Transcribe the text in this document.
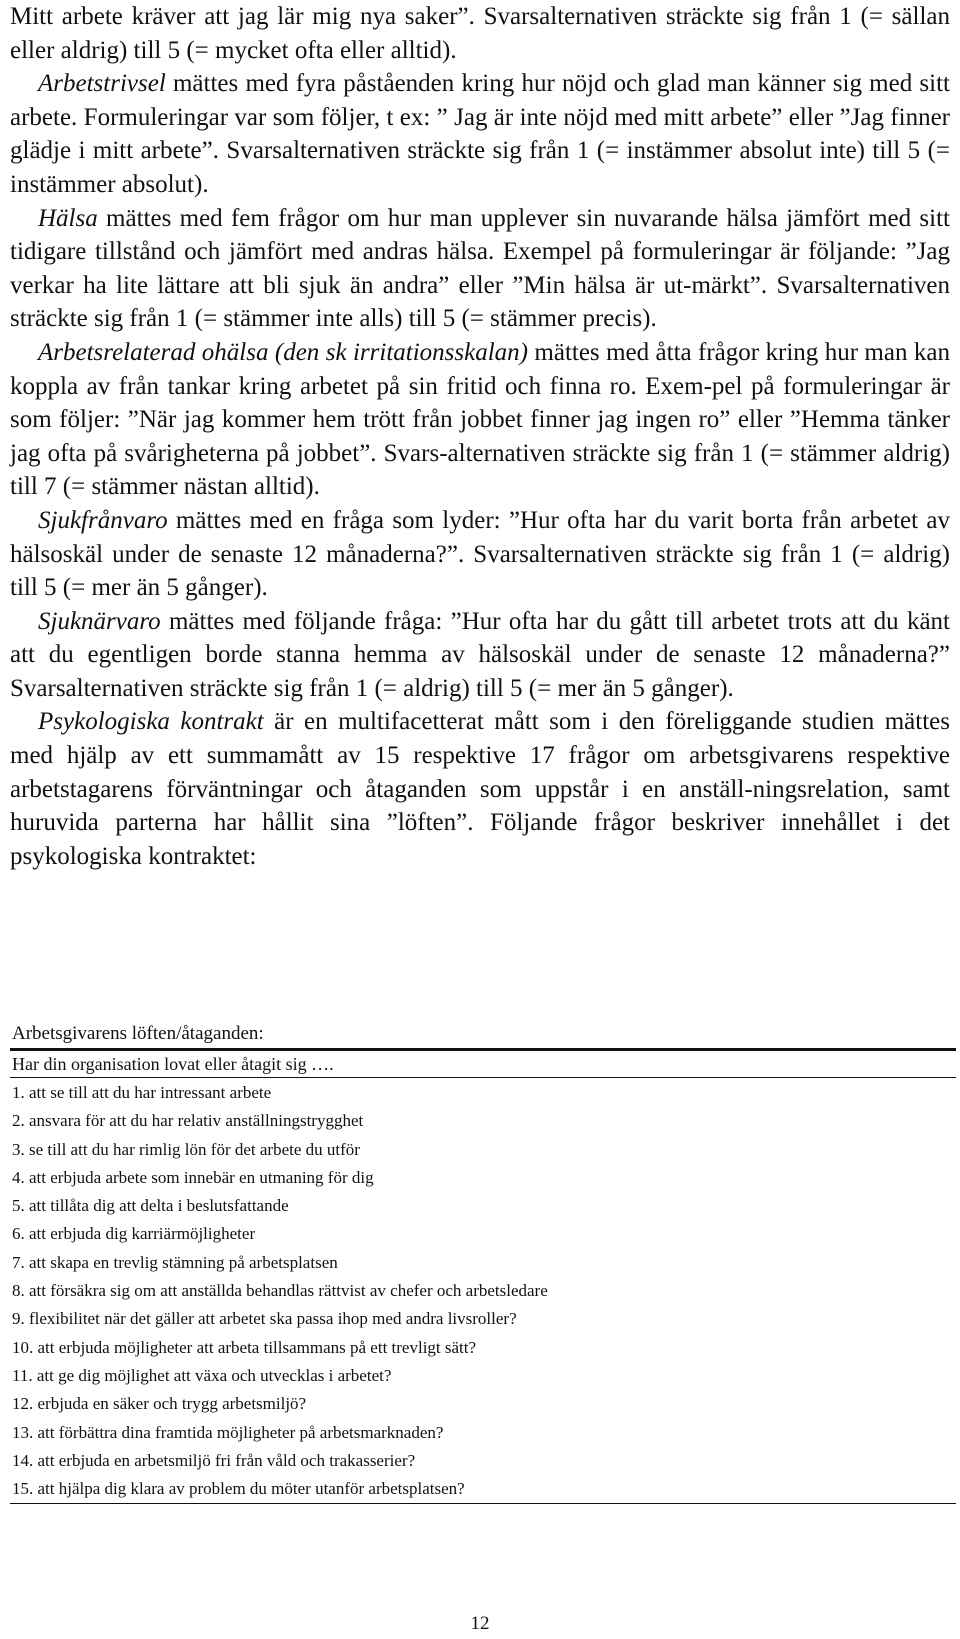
Mitt arbete kräver att jag lär mig nya saker”. Svarsalternativen sträckte sig från 1 (= sällan eller aldrig) till 5 (= mycket ofta eller alltid).

Arbetstrivsel mättes med fyra påståenden kring hur nöjd och glad man känner sig med sitt arbete. Formuleringar var som följer, t ex: ” Jag är inte nöjd med mitt arbete” eller ”Jag finner glädje i mitt arbete”. Svarsalternativen sträckte sig från 1 (= instämmer absolut inte) till 5 (= instämmer absolut).

Hälsa mättes med fem frågor om hur man upplever sin nuvarande hälsa jämfört med sitt tidigare tillstånd och jämfört med andras hälsa. Exempel på formuleringar är följande: ”Jag verkar ha lite lättare att bli sjuk än andra” eller ”Min hälsa är ut-märkt”. Svarsalternativen sträckte sig från 1 (= stämmer inte alls) till 5 (= stämmer precis).

Arbetsrelaterad ohälsa (den sk irritationsskalan) mättes med åtta frågor kring hur man kan koppla av från tankar kring arbetet på sin fritid och finna ro. Exem-pel på formuleringar är som följer: ”När jag kommer hem trött från jobbet finner jag ingen ro” eller ”Hemma tänker jag ofta på svårigheterna på jobbet”. Svars-alternativen sträckte sig från 1 (= stämmer aldrig) till 7 (= stämmer nästan alltid).

Sjukfrånvaro mättes med en fråga som lyder: ”Hur ofta har du varit borta från arbetet av hälsoskäl under de senaste 12 månaderna?”. Svarsalternativen sträckte sig från 1 (= aldrig) till 5 (= mer än 5 gånger).

Sjuknärvaro mättes med följande fråga: ”Hur ofta har du gått till arbetet trots att du känt att du egentligen borde stanna hemma av hälsoskäl under de senaste 12 månaderna?” Svarsalternativen sträckte sig från 1 (= aldrig) till 5 (= mer än 5 gånger).

Psykologiska kontrakt är en multifacetterat mått som i den föreliggande studien mättes med hjälp av ett summamått av 15 respektive 17 frågor om arbetsgivarens respektive arbetstagarens förväntningar och åtaganden som uppstår i en anställ-ningsrelation, samt huruvida parterna har hållit sina ”löften”. Följande frågor beskriver innehållet i det psykologiska kontraktet:

Arbetsgivarens löften/åtaganden:
Har din organisation lovat eller åtagit sig ….
1. att se till att du har intressant arbete
2. ansvara för att du har relativ anställningstrygghet
3. se till att du har rimlig lön för det arbete du utför
4. att erbjuda arbete som innebär en utmaning för dig
5. att tillåta dig att delta i beslutsfattande
6. att erbjuda dig karriärmöjligheter
7. att skapa en trevlig stämning på arbetsplatsen
8. att försäkra sig om att anställda behandlas rättvist av chefer och arbetsledare
9. flexibilitet när det gäller att arbetet ska passa ihop med andra livsroller?
10. att erbjuda möjligheter att arbeta tillsammans på ett trevligt sätt?
11. att ge dig möjlighet att växa och utvecklas i arbetet?
12. erbjuda en säker och trygg arbetsmiljö?
13. att förbättra dina framtida möjligheter på arbetsmarknaden?
14. att erbjuda en arbetsmiljö fri från våld och trakasserier?
15. att hjälpa dig klara av problem du möter utanför arbetsplatsen?
12
